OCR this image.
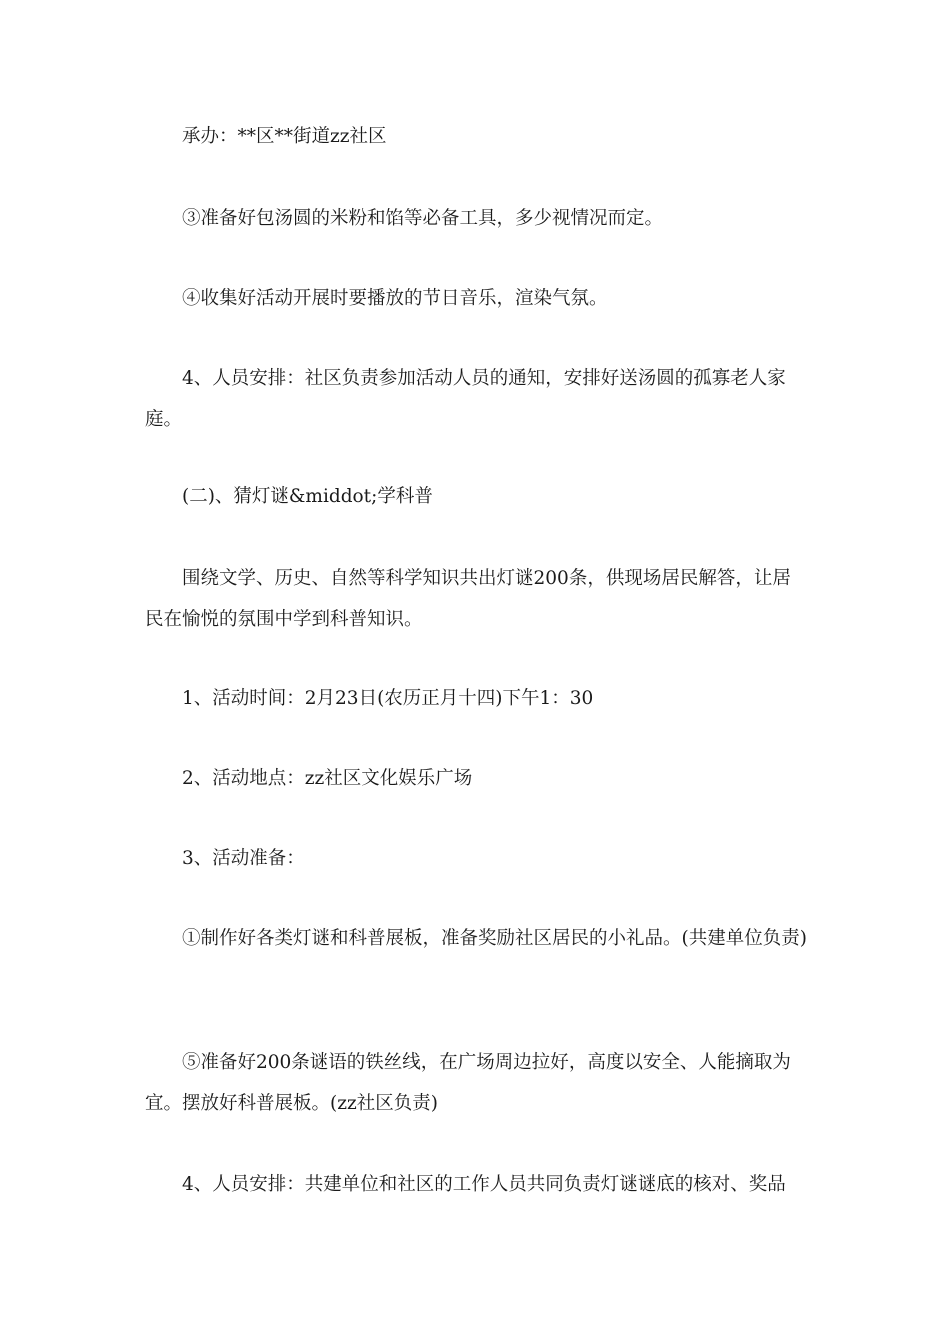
承办：**区**街道zz社区

③准备好包汤圆的米粉和馅等必备工具，多少视情况而定。

④收集好活动开展时要播放的节日音乐，渲染气氛。

4、人员安排：社区负责参加活动人员的通知，安排好送汤圆的孤寡老人家庭。

(二)、猜灯谜&middot;学科普

围绕文学、历史、自然等科学知识共出灯谜200条，供现场居民解答，让居民在愉悦的氛围中学到科普知识。

1、活动时间：2月23日(农历正月十四)下午1：30

2、活动地点：zz社区文化娱乐广场

3、活动准备：

①制作好各类灯谜和科普展板，准备奖励社区居民的小礼品。(共建单位负责)

⑤准备好200条谜语的铁丝线，在广场周边拉好，高度以安全、人能摘取为宜。摆放好科普展板。(zz社区负责)

4、人员安排：共建单位和社区的工作人员共同负责灯谜谜底的核对、奖品
